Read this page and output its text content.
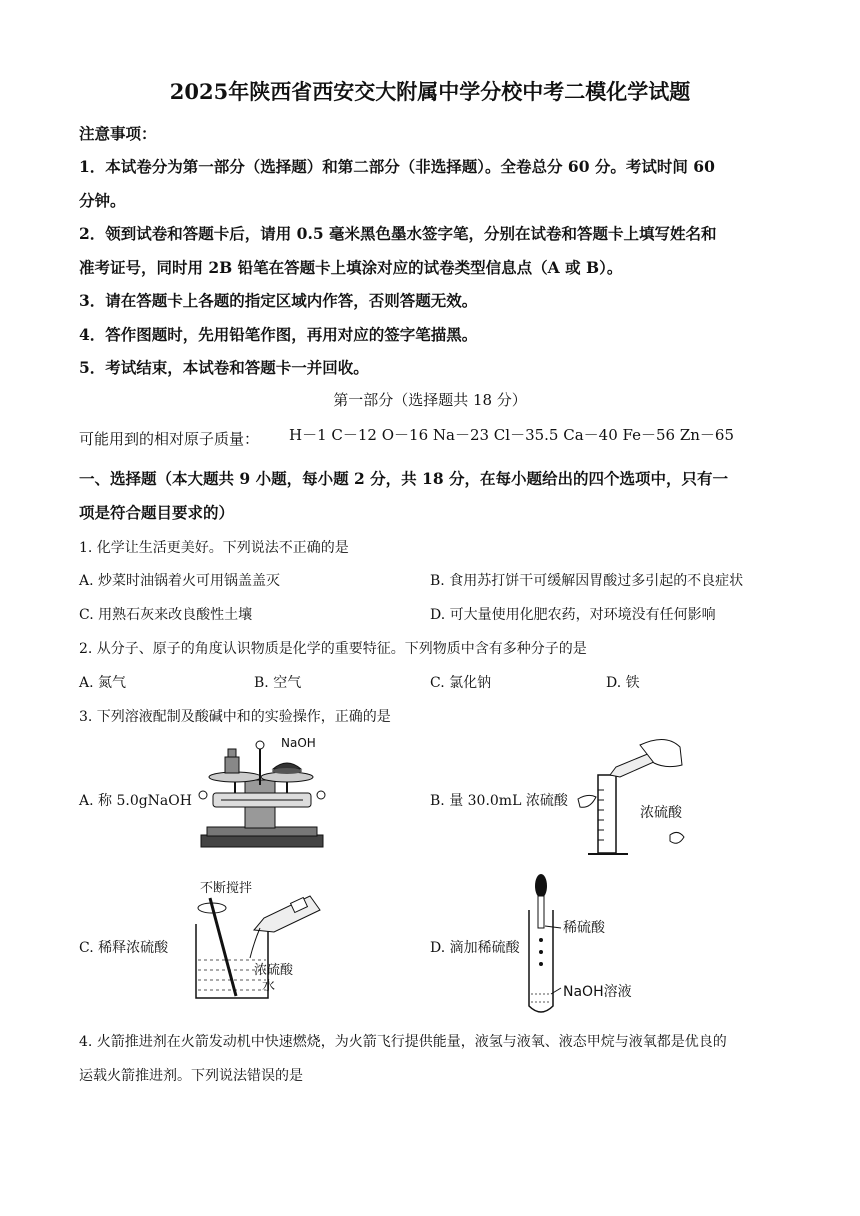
2025年陕西省西安交大附属中学分校中考二模化学试题
注意事项：
1．本试卷分为第一部分（选择题）和第二部分（非选择题）。全卷总分 60 分。考试时间 60
分钟。
2．领到试卷和答题卡后，请用 0.5 毫米黑色墨水签字笔，分别在试卷和答题卡上填写姓名和
准考证号，同时用 2B 铅笔在答题卡上填涂对应的试卷类型信息点（A 或 B）。
3．请在答题卡上各题的指定区域内作答，否则答题无效。
4．答作图题时，先用铅笔作图，再用对应的签字笔描黑。
5．考试结束，本试卷和答题卡一并回收。
第一部分（选择题共 18 分）
可能用到的相对原子质量： H－1 C－12 O－16 Na－23 Cl－35.5 Ca－40 Fe－56 Zn－65
一、选择题（本大题共 9 小题，每小题 2 分，共 18 分，在每小题给出的四个选项中，只有一
项是符合题目要求的）
1. 化学让生活更美好。下列说法不正确的是
A. 炒菜时油锅着火可用锅盖盖灭	B. 食用苏打饼干可缓解因胃酸过多引起的不良症状
C. 用熟石灰来改良酸性土壤	D. 可大量使用化肥农药，对环境没有任何影响
2. 从分子、原子的角度认识物质是化学的重要特征。下列物质中含有多种分子的是
A. 氮气	B. 空气	C. 氯化钠	D. 铁
3. 下列溶液配制及酸碱中和的实验操作，正确的是
A. 称 5.0gNaOH	B. 量 30.0mL 浓硫酸
C. 稀释浓硫酸	D. 滴加稀硫酸
NaOH
浓硫酸
不断搅拌
浓硫酸
水
稀硫酸
NaOH溶液
4. 火箭推进剂在火箭发动机中快速燃烧，为火箭飞行提供能量，液氢与液氧、液态甲烷与液氧都是优良的
运载火箭推进剂。下列说法错误的是
